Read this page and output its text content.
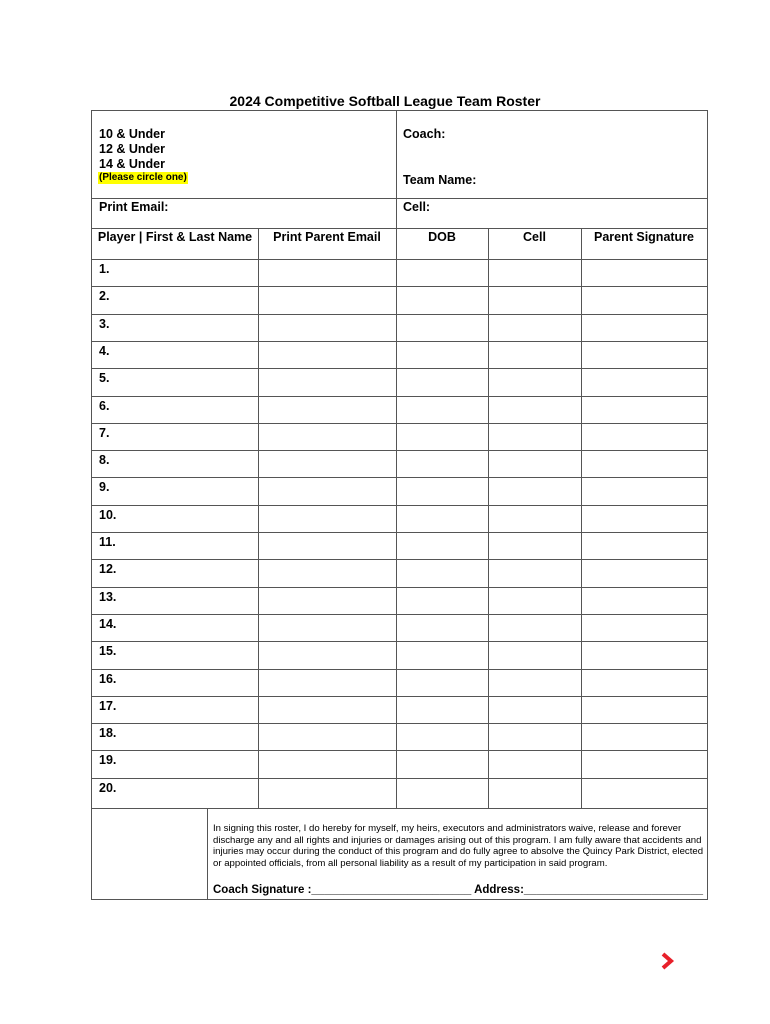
2024 Competitive Softball League Team Roster
10 & Under
12 & Under
14 & Under
(Please circle one)
Coach:
Team Name:
Print Email:	Cell:
Player | First & Last Name	Print Parent Email	DOB	Cell	Parent Signature
1.
2.
3.
4.
5.
6.
7.
8.
9.
10.
11.
12.
13.
14.
15.
16.
17.
18.
19.
20.
In signing this roster, I do hereby for myself, my heirs, executors and administrators waive, release and forever discharge any and all rights and injuries or damages arising out of this program. I am fully aware that accidents and injuries may occur during the conduct of this program and do fully agree to absolve the Quincy Park District, elected or appointed officials, from all personal liability as a result of my participation in said program.
Coach Signature :_________________________ Address:____________________________
